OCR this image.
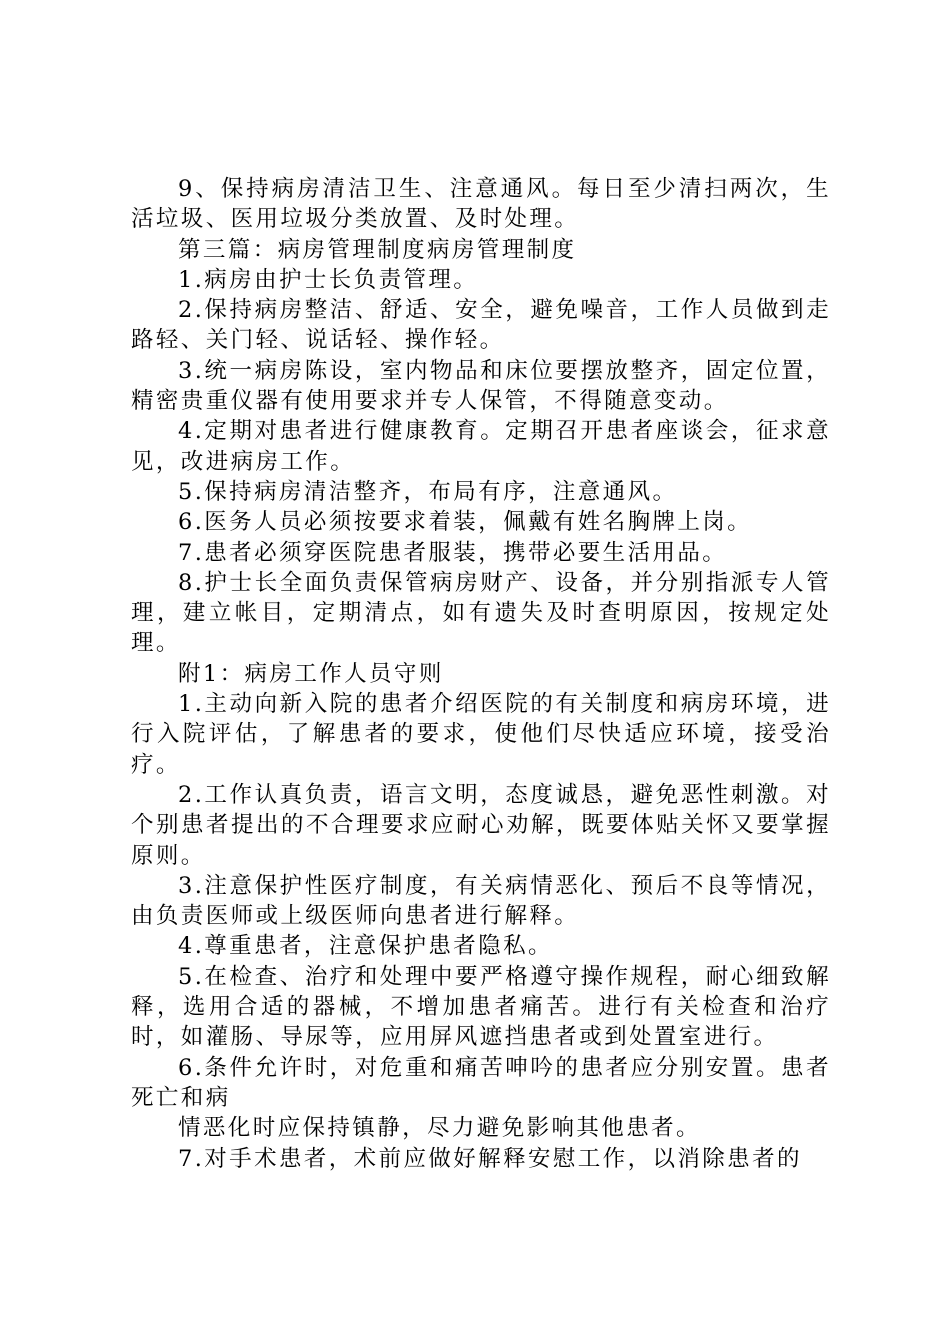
9、保持病房清洁卫生、注意通风。每日至少清扫两次，生活垃圾、医用垃圾分类放置、及时处理。

第三篇：病房管理制度病房管理制度

1.病房由护士长负责管理。

2.保持病房整洁、舒适、安全，避免噪音，工作人员做到走路轻、关门轻、说话轻、操作轻。

3.统一病房陈设，室内物品和床位要摆放整齐，固定位置，精密贵重仪器有使用要求并专人保管，不得随意变动。

4.定期对患者进行健康教育。定期召开患者座谈会，征求意见，改进病房工作。

5.保持病房清洁整齐，布局有序，注意通风。

6.医务人员必须按要求着装，佩戴有姓名胸牌上岗。

7.患者必须穿医院患者服装，携带必要生活用品。

8.护士长全面负责保管病房财产、设备，并分别指派专人管理，建立帐目，定期清点，如有遗失及时查明原因，按规定处理。

附1：病房工作人员守则

1.主动向新入院的患者介绍医院的有关制度和病房环境，进行入院评估，了解患者的要求，使他们尽快适应环境，接受治疗。

2.工作认真负责，语言文明，态度诚恳，避免恶性刺激。对个别患者提出的不合理要求应耐心劝解，既要体贴关怀又要掌握原则。

3.注意保护性医疗制度，有关病情恶化、预后不良等情况，由负责医师或上级医师向患者进行解释。

4.尊重患者，注意保护患者隐私。

5.在检查、治疗和处理中要严格遵守操作规程，耐心细致解释，选用合适的器械，不增加患者痛苦。进行有关检查和治疗时，如灌肠、导尿等，应用屏风遮挡患者或到处置室进行。

6.条件允许时，对危重和痛苦呻吟的患者应分别安置。患者死亡和病

情恶化时应保持镇静，尽力避免影响其他患者。

7.对手术患者，术前应做好解释安慰工作，以消除患者的
